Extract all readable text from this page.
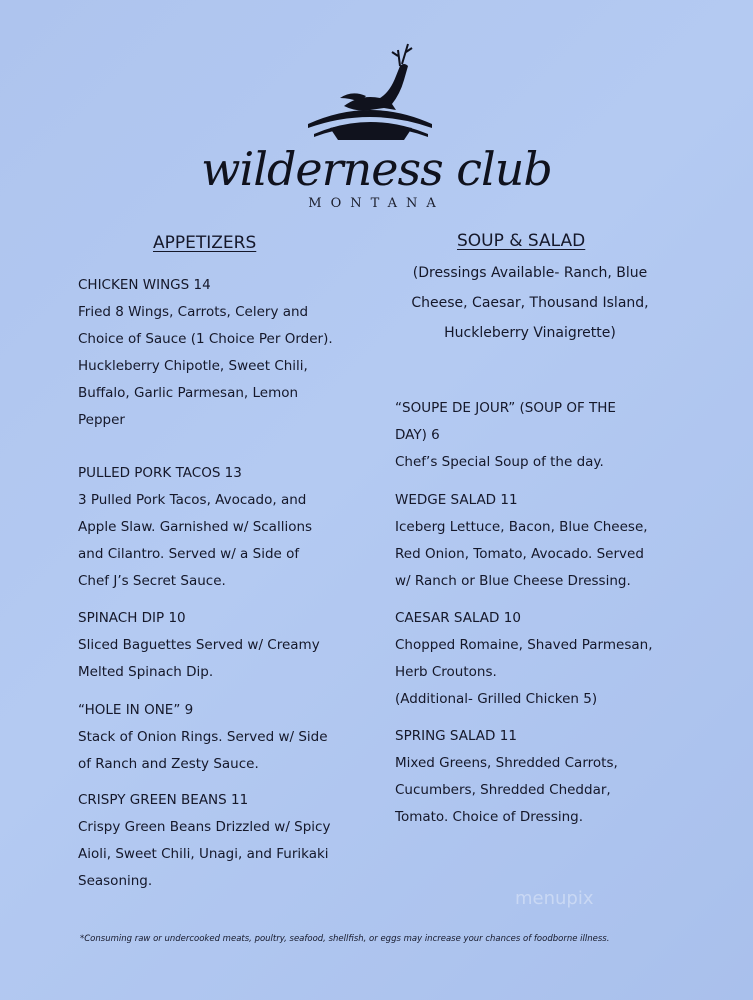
wilderness club
MONTANA
APPETIZERS
CHICKEN WINGS 14
Fried 8 Wings, Carrots, Celery and
Choice of Sauce (1 Choice Per Order).
Huckleberry Chipotle, Sweet Chili,
Buffalo, Garlic Parmesan, Lemon
Pepper
PULLED PORK TACOS 13
3 Pulled Pork Tacos, Avocado, and
Apple Slaw. Garnished w/ Scallions
and Cilantro. Served w/ a Side of
Chef J’s Secret Sauce.
SPINACH DIP 10
Sliced Baguettes Served w/ Creamy
Melted Spinach Dip.
“HOLE IN ONE” 9
Stack of Onion Rings. Served w/ Side
of Ranch and Zesty Sauce.
CRISPY GREEN BEANS 11
Crispy Green Beans Drizzled w/ Spicy
Aioli, Sweet Chili, Unagi, and Furikaki
Seasoning.
SOUP & SALAD
(Dressings Available- Ranch, Blue
Cheese, Caesar, Thousand Island,
Huckleberry Vinaigrette)
“SOUPE DE JOUR” (SOUP OF THE
DAY) 6
Chef’s Special Soup of the day.
WEDGE SALAD 11
Iceberg Lettuce, Bacon, Blue Cheese,
Red Onion, Tomato, Avocado. Served
w/ Ranch or Blue Cheese Dressing.
CAESAR SALAD 10
Chopped Romaine, Shaved Parmesan,
Herb Croutons.
(Additional- Grilled Chicken 5)
SPRING SALAD 11
Mixed Greens, Shredded Carrots,
Cucumbers, Shredded Cheddar,
Tomato. Choice of Dressing.
menupix
*Consuming raw or undercooked meats, poultry, seafood, shellfish, or eggs may increase your chances of foodborne illness.
